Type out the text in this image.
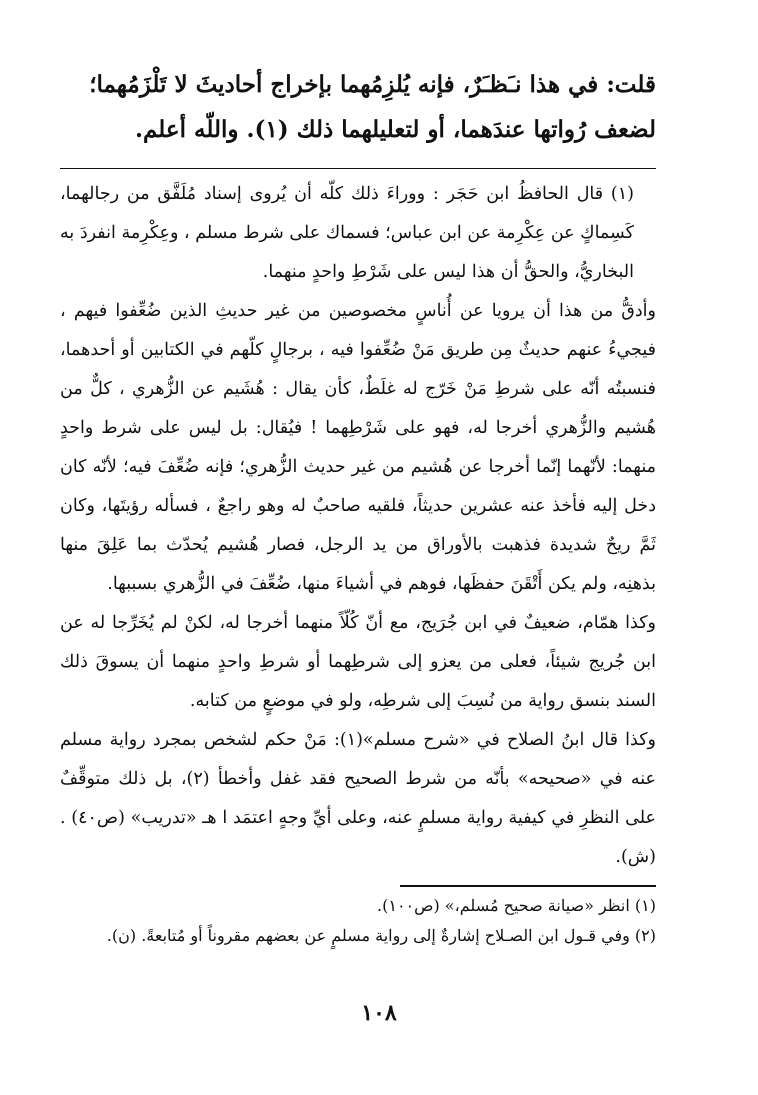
قلت: في هذا نـَظـَرٌ، فإنه يُلزِمُهما بإخراج أحاديثَ لا تَلْزَمُهما؛ لضعف رُواتها عندَهما، أو لتعليلهما ذلك (١). واللّه أعلم.

(١) قال الحافظُ ابن حَجَر : ووراءَ ذلك كلّه أن يُروى إسناد مُلَفَّق من رجالهما، كَسِماكٍ عن عِكْرِمة عن ابن عباس؛ فسماك على شرط مسلم ، وعِكْرِمة انفردَ به البخاريُّ، والحقُّ أن هذا ليس على شَرْطِ واحدٍ منهما.

وأدقُّ من هذا أن يرويا عن أُناسٍ مخصوصين من غير حديثِ الذين ضُعِّفوا فيهم ، فيجيءُ عنهم حديثٌ مِن طريق مَنْ ضُعِّفوا فيه ، برجالٍ كلّهم في الكتابين أو أحدهما، فنسبتُه أنّه على شرطِ مَنْ خَرّج له غلَطٌ، كأن يقال : هُشَيم عن الزُّهري ، كلٌّ من هُشيم والزُّهري أخرجا له، فهو على شَرْطِهما ! فيُقال: بل ليس على شرط واحدٍ منهما: لأنّهما إنّما أخرجا عن هُشيم من غير حديث الزُّهري؛ فإنه ضُعِّفَ فيه؛ لأنّه كان دخل إليه فأخذ عنه عشرين حديثاً، فلقيه صاحبٌ له وهو راجعٌ ، فسأله رؤيتَها، وكان ثَمَّ ريحٌ شديدة فذهبت بالأوراق من يد الرجل، فصار هُشيم يُحدّث بما عَلِقَ منها بذهنِه، ولم يكن أَتْقَنَ حفظَها، فوهم في أشياءَ منها، ضُعِّفَ في الزُّهري بسببها.

وكذا همّام، ضعيفٌ في ابن جُرَيج، مع أنّ كُلّاً منهما أخرجا له، لكنْ لم يُخَرِّجا له عن ابن جُريج شيئاً، فعلى من يعزو إلى شرطِهما أو شرطِ واحدٍ منهما أن يسوقَ ذلك السند بنسق رواية من نُسِبَ إلى شرطِه، ولو في موضعٍ من كتابه.

وكذا قال ابنُ الصلاح في «شرح مسلم»(١): مَنْ حكم لشخص بمجرد رواية مسلم عنه في «صحيحه» بأنّه من شرط الصحيح فقد غفل وأخطأ (٢)، بل ذلك متوقِّفٌ على النظرِ في كيفية رواية مسلمٍ عنه، وعلى أيِّ وجهٍ اعتمَد ا هـ «تدريب» (ص٤٠) . (ش).

(١) انظر «صيانة صحيح مُسلم،» (ص١٠٠).

(٢) وفي قـول ابن الصـلاح إشارةٌ إلى رواية مسلمٍ عن بعضهم مقروناً أو مُتابعةً. (ن).

١٠٨
